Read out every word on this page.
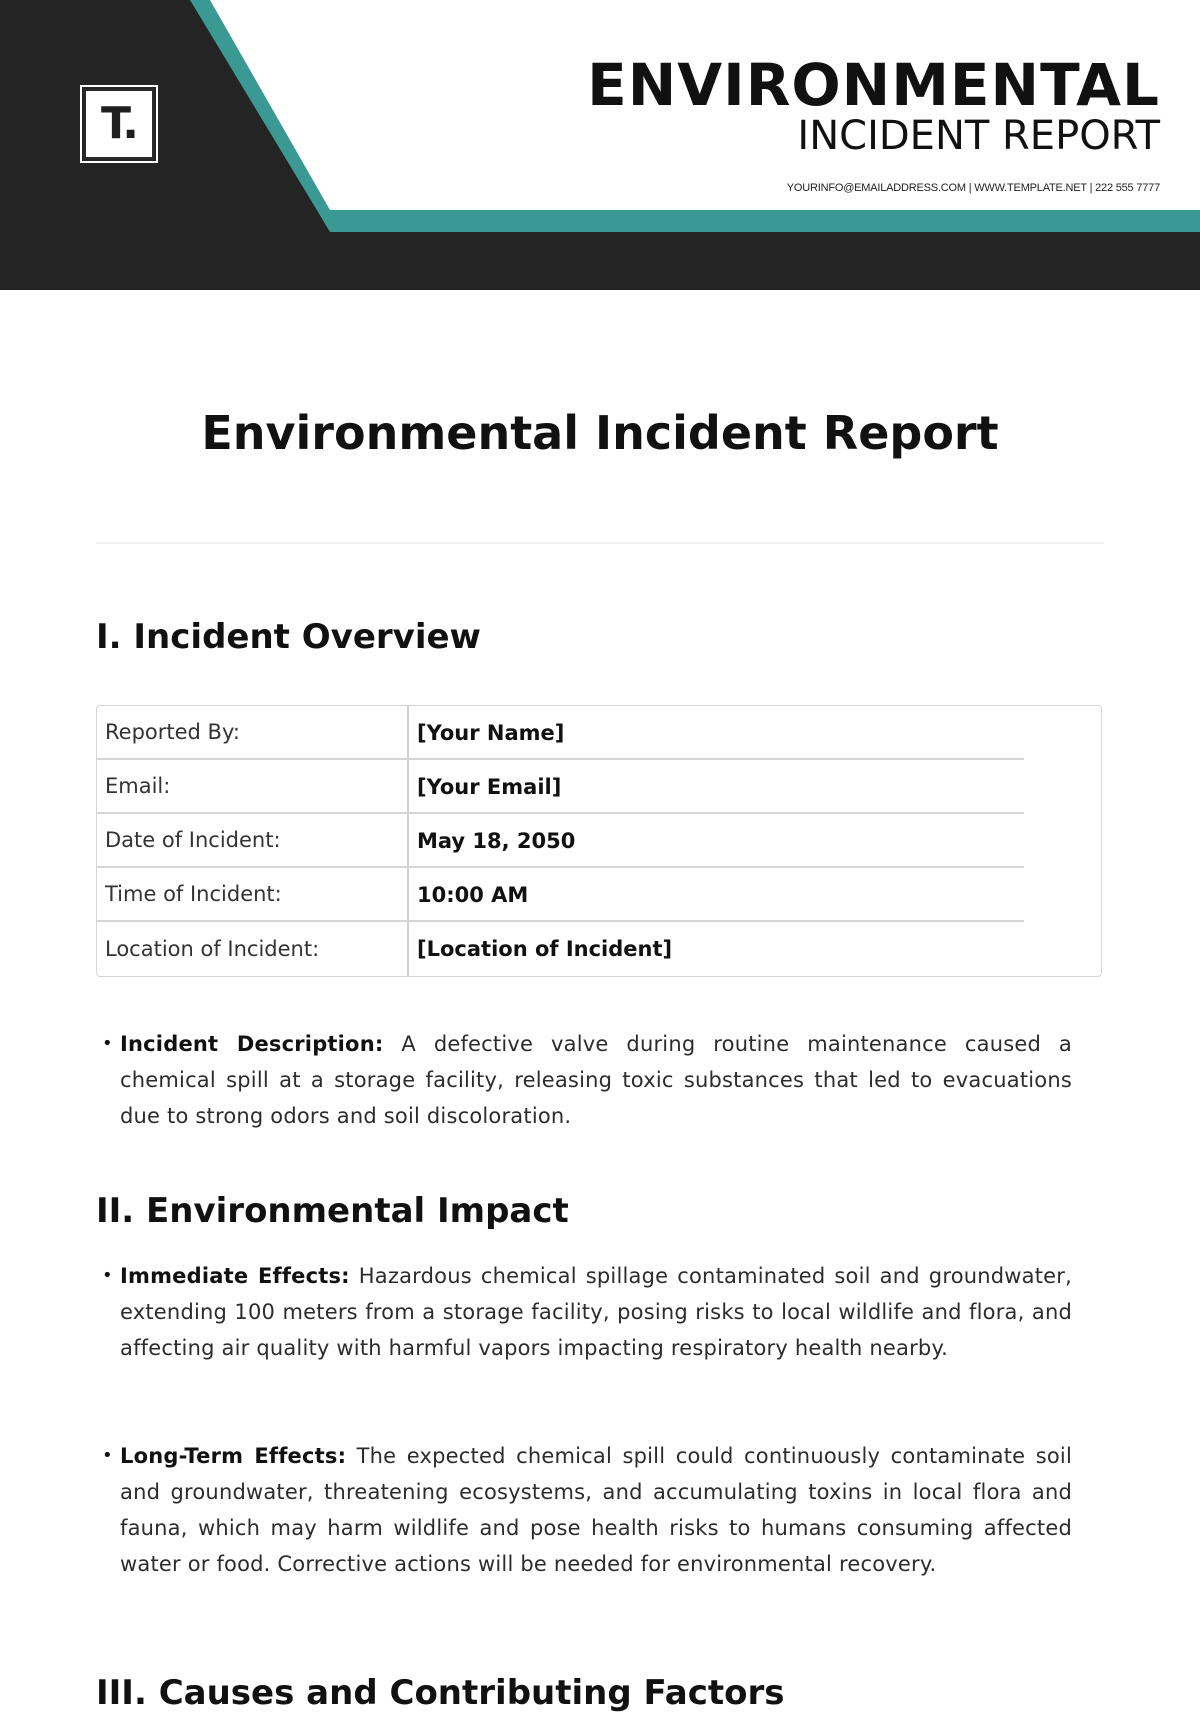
T.
ENVIRONMENTAL
INCIDENT REPORT
YOURINFO@EMAILADDRESS.COM | WWW.TEMPLATE.NET | 222 555 7777
Environmental Incident Report
I. Incident Overview
Reported By:	[Your Name]
Email:	[Your Email]
Date of Incident:	May 18, 2050
Time of Incident:	10:00 AM
Location of Incident:	[Location of Incident]
• Incident Description: A defective valve during routine maintenance caused a chemical spill at a storage facility, releasing toxic substances that led to evacuations due to strong odors and soil discoloration.
II. Environmental Impact
• Immediate Effects: Hazardous chemical spillage contaminated soil and groundwater, extending 100 meters from a storage facility, posing risks to local wildlife and flora, and affecting air quality with harmful vapors impacting respiratory health nearby.
• Long-Term Effects: The expected chemical spill could continuously contaminate soil and groundwater, threatening ecosystems, and accumulating toxins in local flora and fauna, which may harm wildlife and pose health risks to humans consuming affected water or food. Corrective actions will be needed for environmental recovery.
III. Causes and Contributing Factors
